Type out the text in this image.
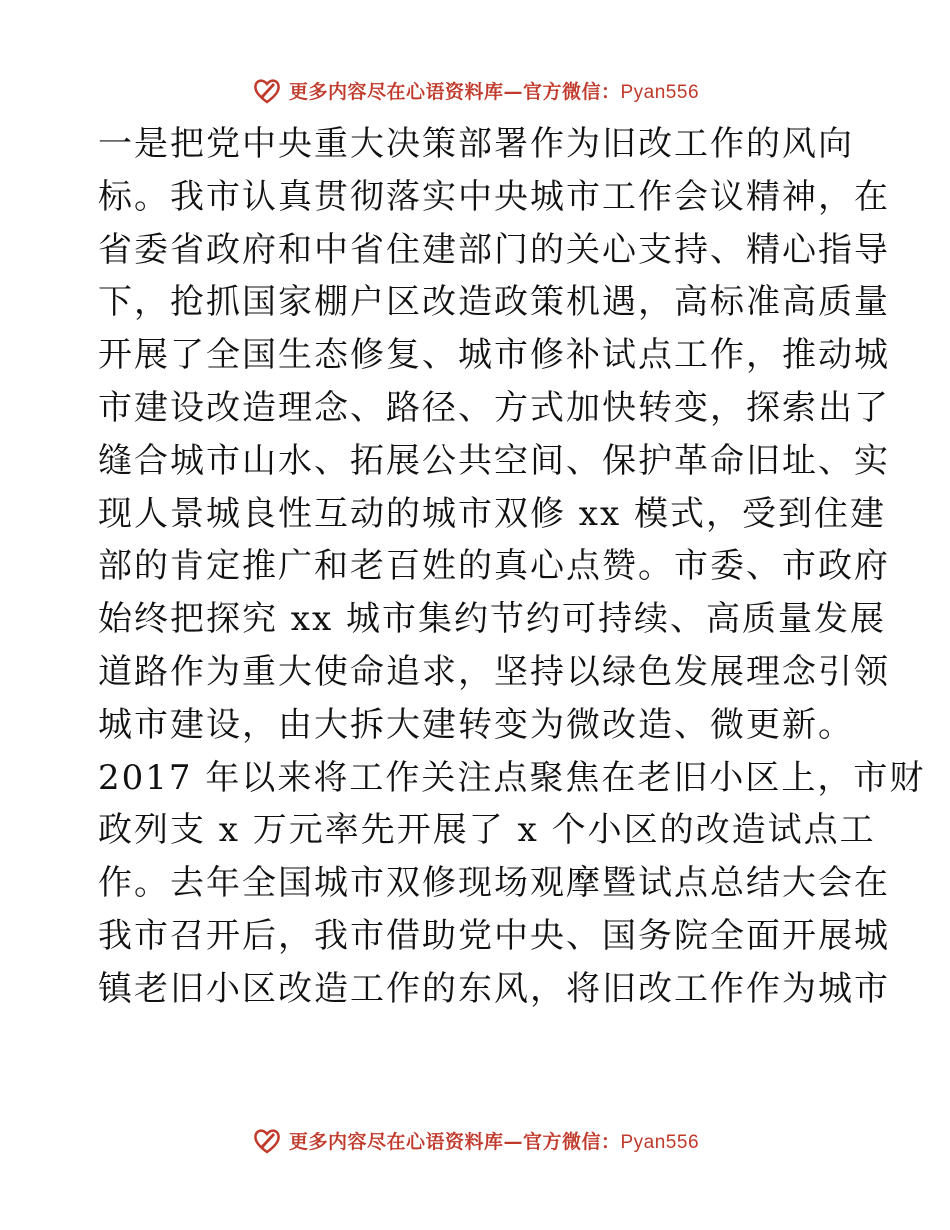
更多内容尽在心语资料库—官方微信：Pyan556
一是把党中央重大决策部署作为旧改工作的风向
标。我市认真贯彻落实中央城市工作会议精神，在
省委省政府和中省住建部门的关心支持、精心指导
下，抢抓国家棚户区改造政策机遇，高标准高质量
开展了全国生态修复、城市修补试点工作，推动城
市建设改造理念、路径、方式加快转变，探索出了
缝合城市山水、拓展公共空间、保护革命旧址、实
现人景城良性互动的城市双修 xx 模式，受到住建
部的肯定推广和老百姓的真心点赞。市委、市政府
始终把探究 xx 城市集约节约可持续、高质量发展
道路作为重大使命追求，坚持以绿色发展理念引领
城市建设，由大拆大建转变为微改造、微更新。
2017 年以来将工作关注点聚焦在老旧小区上，市财
政列支 x 万元率先开展了 x 个小区的改造试点工
作。去年全国城市双修现场观摩暨试点总结大会在
我市召开后，我市借助党中央、国务院全面开展城
镇老旧小区改造工作的东风，将旧改工作作为城市
更多内容尽在心语资料库—官方微信：Pyan556
